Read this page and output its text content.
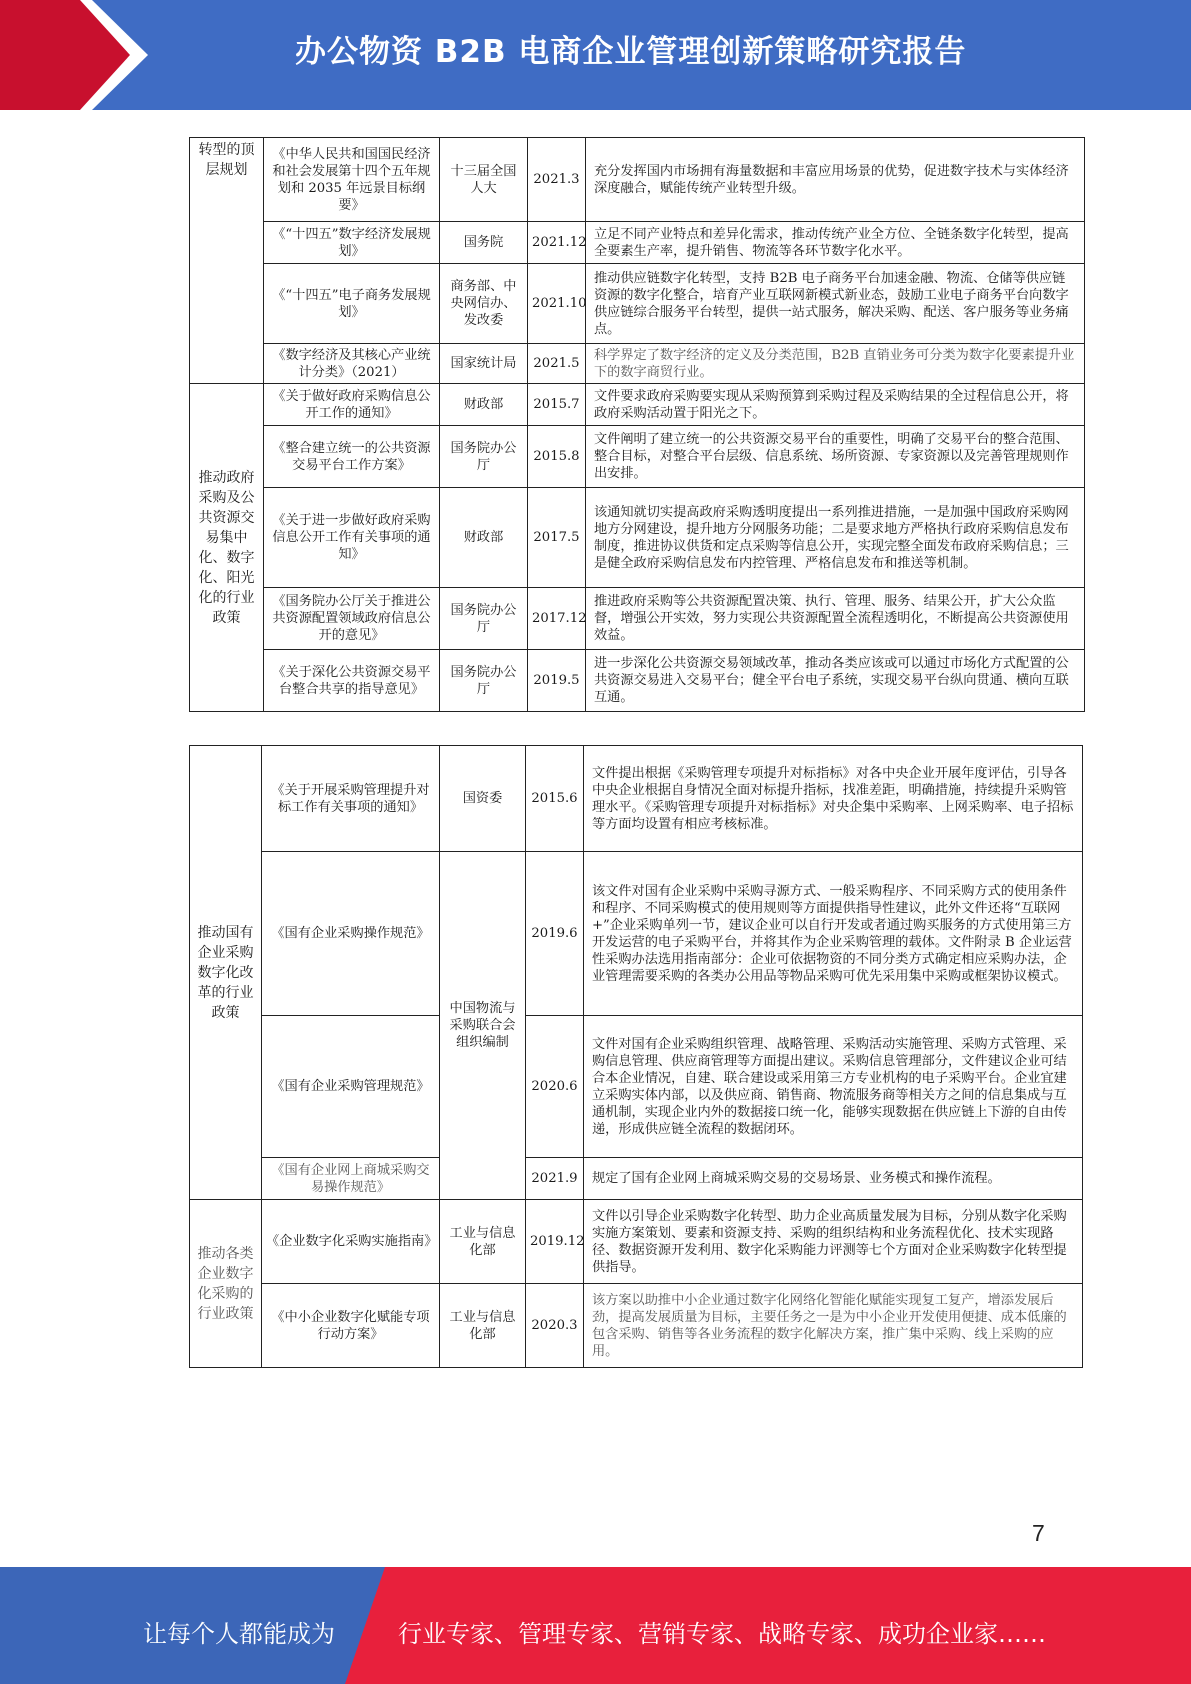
办公物资 B2B 电商企业管理创新策略研究报告
转型的顶层规划	《中华人民共和国国民经济和社会发展第十四个五年规划和 2035 年远景目标纲要》	十三届全国人大	2021.3	充分发挥国内市场拥有海量数据和丰富应用场景的优势，促进数字技术与实体经济深度融合，赋能传统产业转型升级。
	《“十四五”数字经济发展规划》	国务院	2021.12	立足不同产业特点和差异化需求，推动传统产业全方位、全链条数字化转型，提高全要素生产率，提升销售、物流等各环节数字化水平。
	《“十四五”电子商务发展规划》	商务部、中央网信办、发改委	2021.10	推动供应链数字化转型，支持 B2B 电子商务平台加速金融、物流、仓储等供应链资源的数字化整合，培育产业互联网新模式新业态，鼓励工业电子商务平台向数字供应链综合服务平台转型，提供一站式服务，解决采购、配送、客户服务等业务痛点。
	《数字经济及其核心产业统计分类》（2021）	国家统计局	2021.5	科学界定了数字经济的定义及分类范围，B2B 直销业务可分类为数字化要素提升业下的数字商贸行业。
推动政府采购及公共资源交易集中化、数字化、阳光化的行业政策	《关于做好政府采购信息公开工作的通知》	财政部	2015.7	文件要求政府采购要实现从采购预算到采购过程及采购结果的全过程信息公开，将政府采购活动置于阳光之下。
	《整合建立统一的公共资源交易平台工作方案》	国务院办公厅	2015.8	文件阐明了建立统一的公共资源交易平台的重要性，明确了交易平台的整合范围、整合目标，对整合平台层级、信息系统、场所资源、专家资源以及完善管理规则作出安排。
	《关于进一步做好政府采购信息公开工作有关事项的通知》	财政部	2017.5	该通知就切实提高政府采购透明度提出一系列推进措施，一是加强中国政府采购网地方分网建设，提升地方分网服务功能；二是要求地方严格执行政府采购信息发布制度，推进协议供货和定点采购等信息公开，实现完整全面发布政府采购信息；三是健全政府采购信息发布内控管理、严格信息发布和推送等机制。
	《国务院办公厅关于推进公共资源配置领域政府信息公开的意见》	国务院办公厅	2017.12	推进政府采购等公共资源配置决策、执行、管理、服务、结果公开，扩大公众监督，增强公开实效，努力实现公共资源配置全流程透明化，不断提高公共资源使用效益。
	《关于深化公共资源交易平台整合共享的指导意见》	国务院办公厅	2019.5	进一步深化公共资源交易领域改革，推动各类应该或可以通过市场化方式配置的公共资源交易进入交易平台；健全平台电子系统，实现交易平台纵向贯通、横向互联互通。
推动国有企业采购数字化改革的行业政策	《关于开展采购管理提升对标工作有关事项的通知》	国资委	2015.6	文件提出根据《采购管理专项提升对标指标》对各中央企业开展年度评估，引导各中央企业根据自身情况全面对标提升指标，找准差距，明确措施，持续提升采购管理水平。《采购管理专项提升对标指标》对央企集中采购率、上网采购率、电子招标等方面均设置有相应考核标准。
	《国有企业采购操作规范》	中国物流与采购联合会组织编制	2019.6	该文件对国有企业采购中采购寻源方式、一般采购程序、不同采购方式的使用条件和程序、不同采购模式的使用规则等方面提供指导性建议，此外文件还将“互联网+”企业采购单列一节，建议企业可以自行开发或者通过购买服务的方式使用第三方开发运营的电子采购平台，并将其作为企业采购管理的载体。文件附录 B 企业运营性采购办法选用指南部分：企业可依据物资的不同分类方式确定相应采购办法，企业管理需要采购的各类办公用品等物品采购可优先采用集中采购或框架协议模式。
	《国有企业采购管理规范》		2020.6	文件对国有企业采购组织管理、战略管理、采购活动实施管理、采购方式管理、采购信息管理、供应商管理等方面提出建议。采购信息管理部分，文件建议企业可结合本企业情况，自建、联合建设或采用第三方专业机构的电子采购平台。企业宜建立采购实体内部，以及供应商、销售商、物流服务商等相关方之间的信息集成与互通机制，实现企业内外的数据接口统一化，能够实现数据在供应链上下游的自由传递，形成供应链全流程的数据闭环。
	《国有企业网上商城采购交易操作规范》		2021.9	规定了国有企业网上商城采购交易的交易场景、业务模式和操作流程。
推动各类企业数字化采购的行业政策	《企业数字化采购实施指南》	工业与信息化部	2019.12	文件以引导企业采购数字化转型、助力企业高质量发展为目标，分别从数字化采购实施方案策划、要素和资源支持、采购的组织结构和业务流程优化、技术实现路径、数据资源开发利用、数字化采购能力评测等七个方面对企业采购数字化转型提供指导。
	《中小企业数字化赋能专项行动方案》	工业与信息化部	2020.3	该方案以助推中小企业通过数字化网络化智能化赋能实现复工复产，增添发展后劲，提高发展质量为目标，主要任务之一是为中小企业开发使用便捷、成本低廉的包含采购、销售等各业务流程的数字化解决方案，推广集中采购、线上采购的应用。
7
让每个人都能成为	行业专家、管理专家、营销专家、战略专家、成功企业家……
